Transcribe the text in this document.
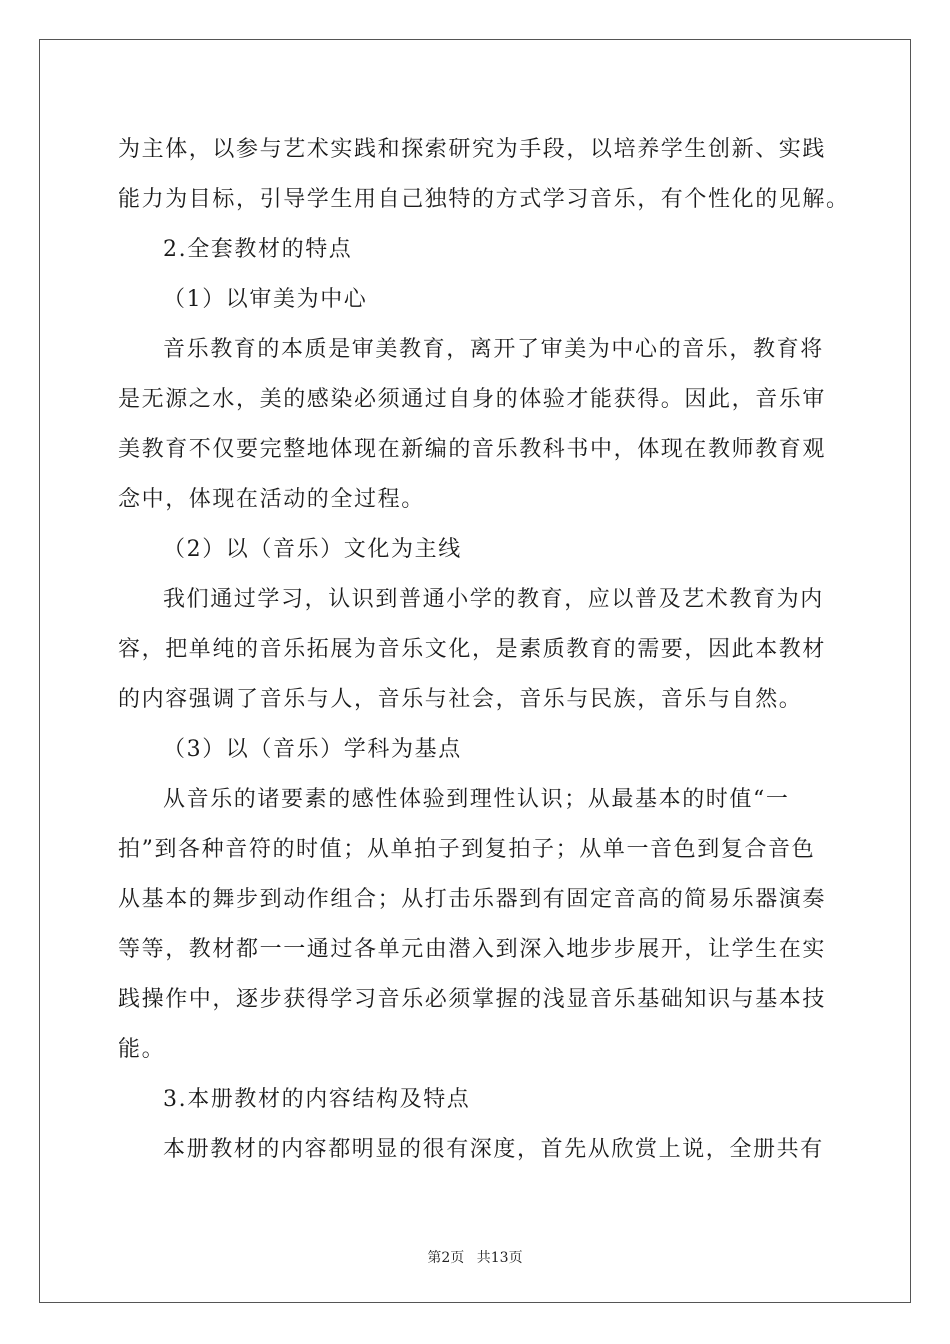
为主体，以参与艺术实践和探索研究为手段，以培养学生创新、实践
能力为目标，引导学生用自己独特的方式学习音乐，有个性化的见解。
2.全套教材的特点
（1）以审美为中心
音乐教育的本质是审美教育，离开了审美为中心的音乐，教育将
是无源之水，美的感染必须通过自身的体验才能获得。因此，音乐审
美教育不仅要完整地体现在新编的音乐教科书中，体现在教师教育观
念中，体现在活动的全过程。
（2）以（音乐）文化为主线
我们通过学习，认识到普通小学的教育，应以普及艺术教育为内
容，把单纯的音乐拓展为音乐文化，是素质教育的需要，因此本教材
的内容强调了音乐与人，音乐与社会，音乐与民族，音乐与自然。
（3）以（音乐）学科为基点
从音乐的诸要素的感性体验到理性认识；从最基本的时值“一
拍”到各种音符的时值；从单拍子到复拍子；从单一音色到复合音色
从基本的舞步到动作组合；从打击乐器到有固定音高的简易乐器演奏
等等，教材都一一通过各单元由潜入到深入地步步展开，让学生在实
践操作中，逐步获得学习音乐必须掌握的浅显音乐基础知识与基本技
能。
3.本册教材的内容结构及特点
本册教材的内容都明显的很有深度，首先从欣赏上说，全册共有
第2页 共13页
